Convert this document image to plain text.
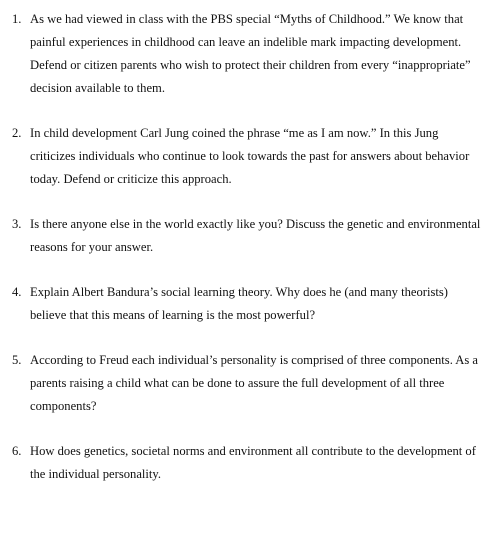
1. As we had viewed in class with the PBS special “Myths of Childhood.” We know that painful experiences in childhood can leave an indelible mark impacting development. Defend or citizen parents who wish to protect their children from every “inappropriate” decision available to them.
2. In child development Carl Jung coined the phrase “me as I am now.” In this Jung criticizes individuals who continue to look towards the past for answers about behavior today. Defend or criticize this approach.
3. Is there anyone else in the world exactly like you? Discuss the genetic and environmental reasons for your answer.
4. Explain Albert Bandura’s social learning theory. Why does he (and many theorists) believe that this means of learning is the most powerful?
5. According to Freud each individual’s personality is comprised of three components. As a parents raising a child what can be done to assure the full development of all three components?
6. How does genetics, societal norms and environment all contribute to the development of the individual personality.
